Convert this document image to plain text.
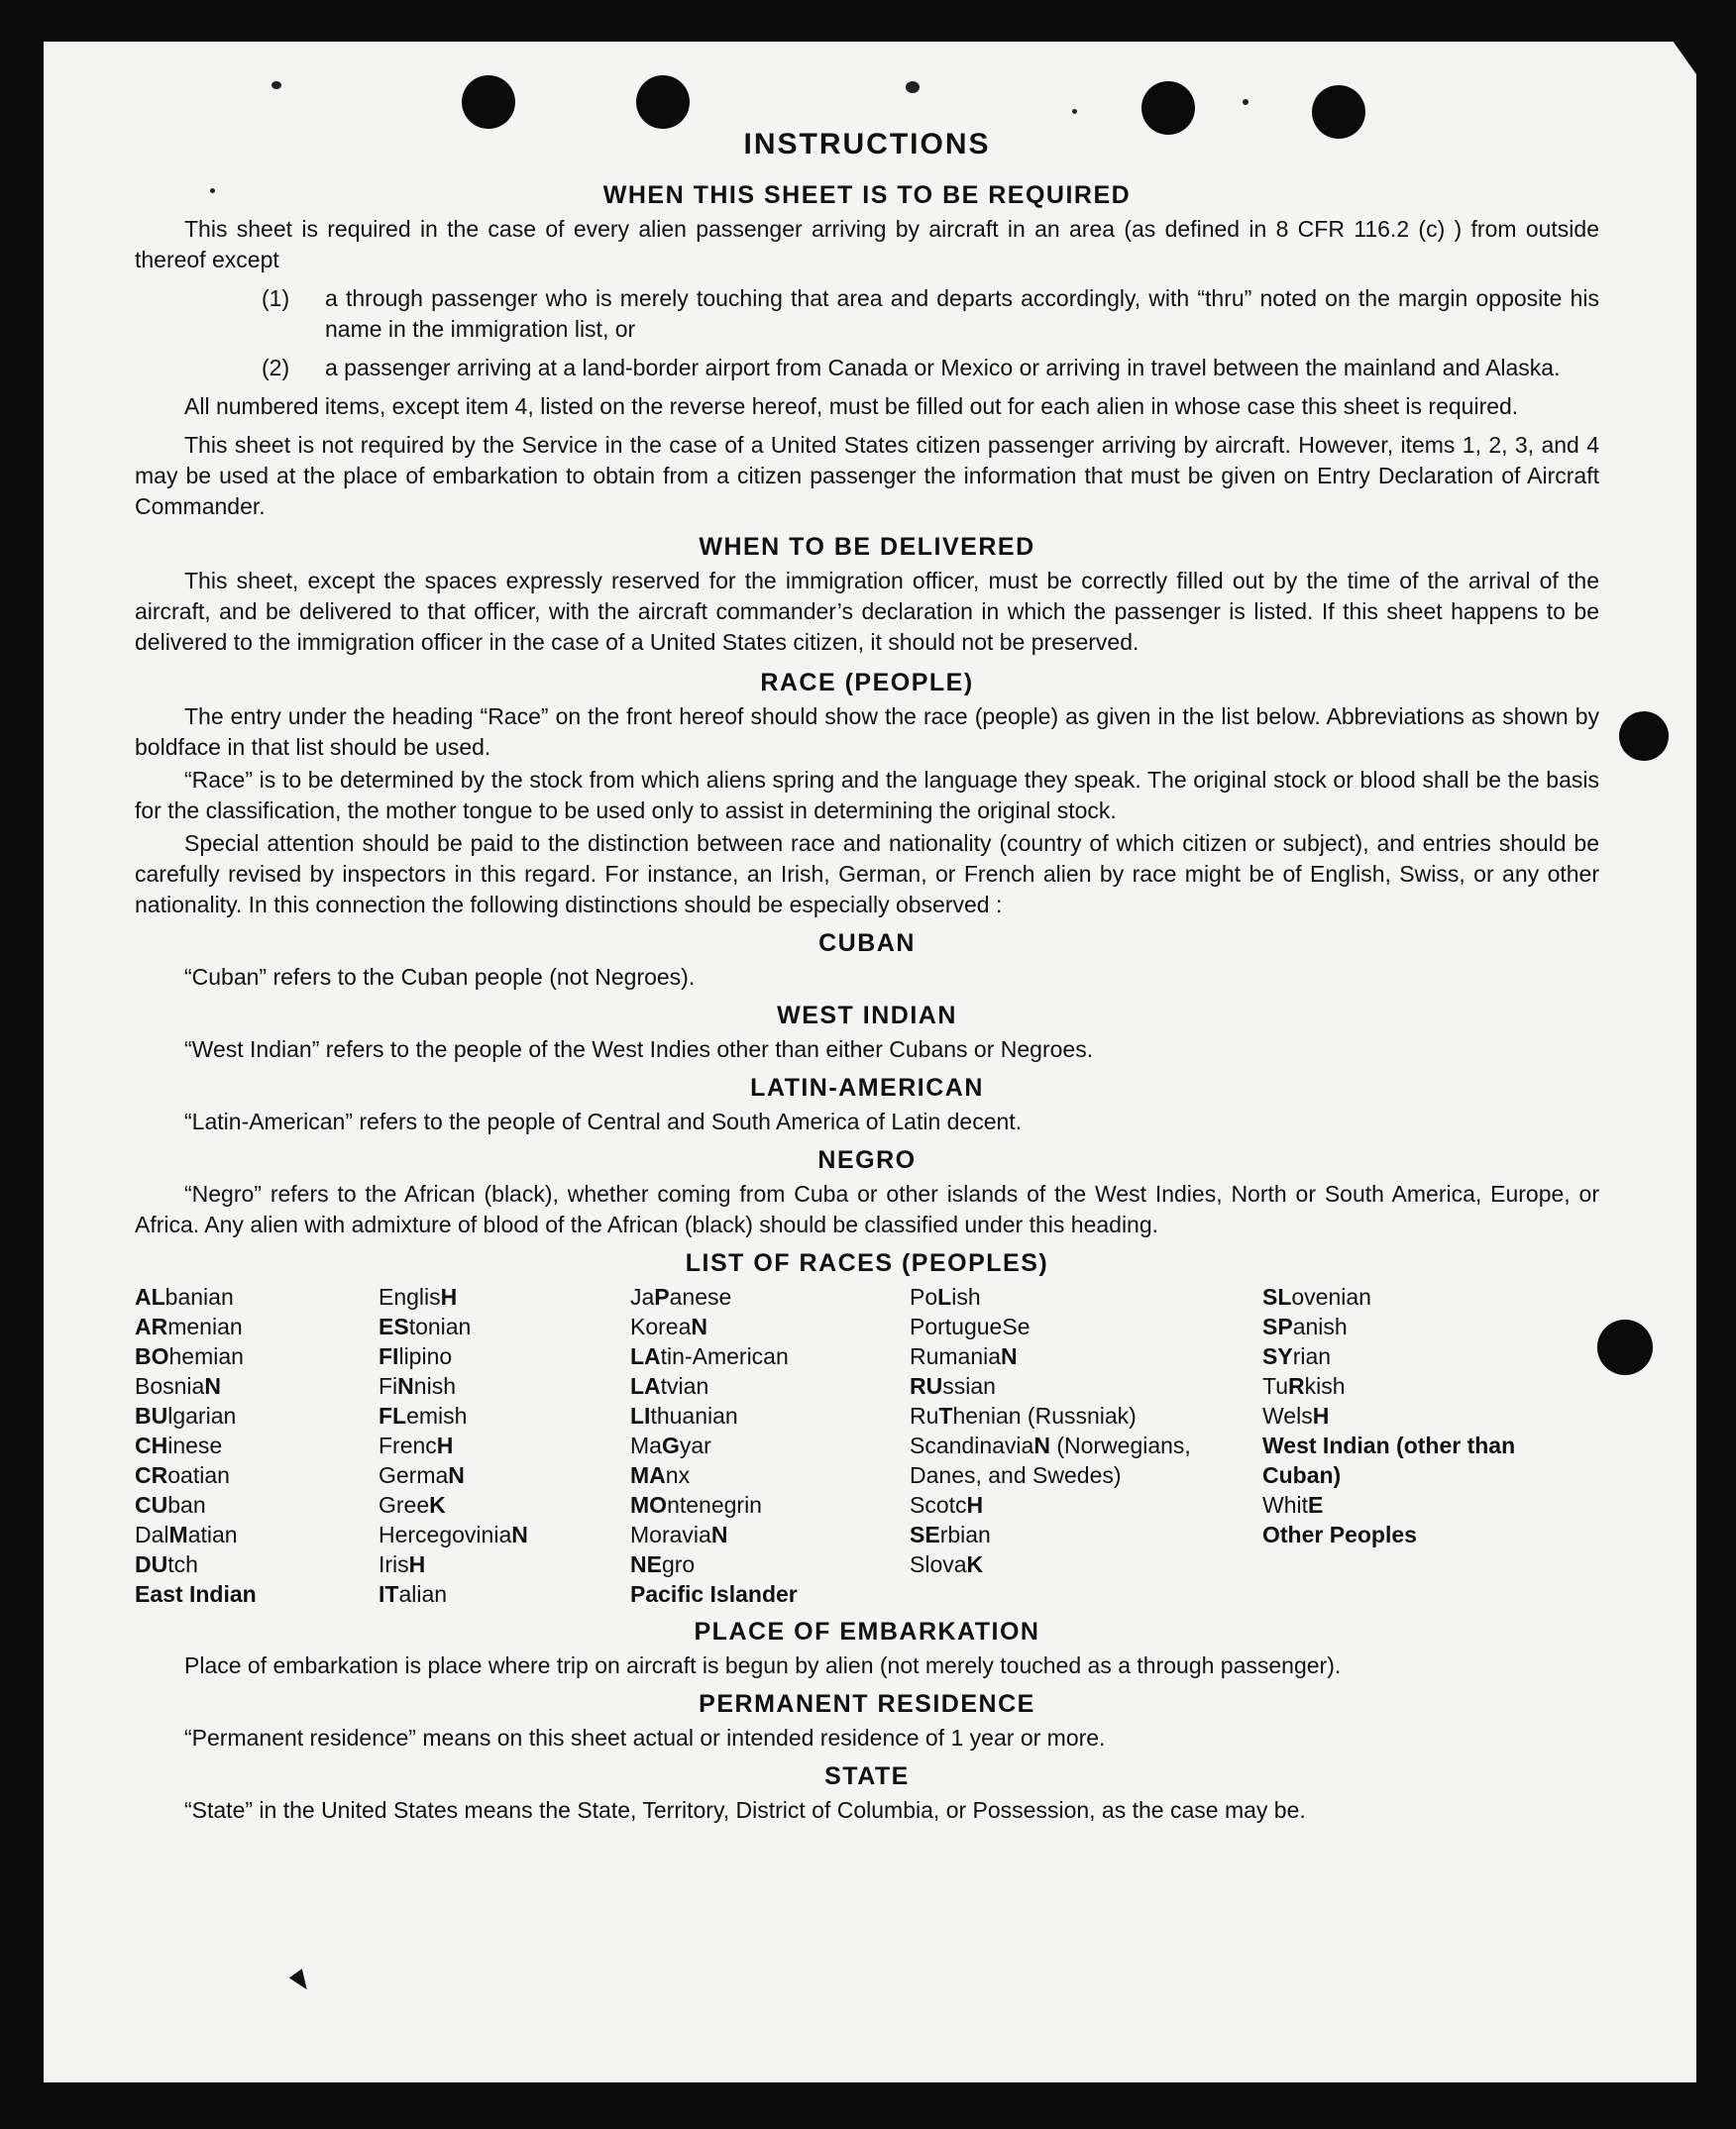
INSTRUCTIONS
WHEN THIS SHEET IS TO BE REQUIRED

This sheet is required in the case of every alien passenger arriving by aircraft in an area (as defined in 8 CFR 116.2 (c) ) from outside thereof except

(1)	a through passenger who is merely touching that area and departs accordingly, with “thru” noted on the margin opposite his name in the immigration list, or
(2)	a passenger arriving at a land-border airport from Canada or Mexico or arriving in travel between the mainland and Alaska.

All numbered items, except item 4, listed on the reverse hereof, must be filled out for each alien in whose case this sheet is required.

This sheet is not required by the Service in the case of a United States citizen passenger arriving by aircraft. However, items 1, 2, 3, and 4 may be used at the place of embarkation to obtain from a citizen passenger the information that must be given on Entry Declaration of Aircraft Commander.

WHEN TO BE DELIVERED

This sheet, except the spaces expressly reserved for the immigration officer, must be correctly filled out by the time of the arrival of the aircraft, and be delivered to that officer, with the aircraft commander’s declaration in which the passenger is listed. If this sheet happens to be delivered to the immigration officer in the case of a United States citizen, it should not be preserved.

RACE (PEOPLE)

The entry under the heading “Race” on the front hereof should show the race (people) as given in the list below. Abbreviations as shown by boldface in that list should be used.

“Race” is to be determined by the stock from which aliens spring and the language they speak. The original stock or blood shall be the basis for the classification, the mother tongue to be used only to assist in determining the original stock.

Special attention should be paid to the distinction between race and nationality (country of which citizen or subject), and entries should be carefully revised by inspectors in this regard. For instance, an Irish, German, or French alien by race might be of English, Swiss, or any other nationality. In this connection the following distinctions should be especially observed :

CUBAN

“Cuban” refers to the Cuban people (not Negroes).

WEST INDIAN

“West Indian” refers to the people of the West Indies other than either Cubans or Negroes.

LATIN-AMERICAN

“Latin-American” refers to the people of Central and South America of Latin decent.

NEGRO

“Negro” refers to the African (black), whether coming from Cuba or other islands of the West Indies, North or South America, Europe, or Africa. Any alien with admixture of blood of the African (black) should be classified under this heading.

LIST OF RACES (PEOPLES)
ALbanian
ARmenian
BOhemian
BosniaN
BUlgarian
CHinese
CRoatian
CUban
DalMatian
DUtch
East Indian
EnglisH
EStonian
FIlipino
FiNnish
FLemish
FrencH
GermaN
GreeK
HercegoviniaN
IrisH
ITalian
JaPanese
KoreaN
LAtin-American
LAtvian
LIthuanian
MaGyar
MAnx
MOntenegrin
MoraviaN
NEgro
Pacific Islander
PoLish
PortugueSe
RumaniaN
RUssian
RuThenian (Russniak)
ScandinaviaN (Norwegians, Danes, and Swedes)
ScotcH
SErbian
SlovaK
SLovenian
SPanish
SYrian
TuRkish
WelsH
West Indian (other than Cuban)
WhitE
Other Peoples
PLACE OF EMBARKATION

Place of embarkation is place where trip on aircraft is begun by alien (not merely touched as a through passenger).

PERMANENT RESIDENCE

“Permanent residence” means on this sheet actual or intended residence of 1 year or more.

STATE

“State” in the United States means the State, Territory, District of Columbia, or Possession, as the case may be.
